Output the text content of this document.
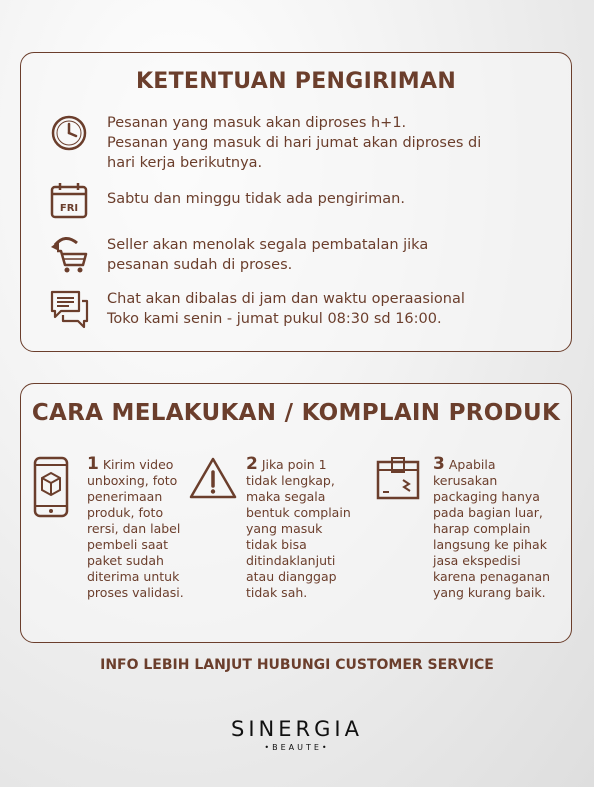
KETENTUAN PENGIRIMAN
Pesanan yang masuk akan diproses h+1.
Pesanan yang masuk di hari jumat akan diproses di
hari kerja berikutnya.
FRI
Sabtu dan minggu tidak ada pengiriman.
Seller akan menolak segala pembatalan jika
pesanan sudah di proses.
Chat akan dibalas di jam dan waktu operaasional
Toko kami senin - jumat pukul 08:30 sd 16:00.
CARA MELAKUKAN / KOMPLAIN PRODUK
1 Kirim video
unboxing, foto
penerimaan
produk, foto
rersi, dan label
pembeli saat
paket sudah
diterima untuk
proses validasi.
2 Jika poin 1
tidak lengkap,
maka segala
bentuk complain
yang masuk
tidak bisa
ditindaklanjuti
atau dianggap
tidak sah.
3 Apabila
kerusakan
packaging hanya
pada bagian luar,
harap complain
langsung ke pihak
jasa ekspedisi
karena penaganan
yang kurang baik.
INFO LEBIH LANJUT HUBUNGI CUSTOMER SERVICE
SINERGIA
•BEAUTE•
